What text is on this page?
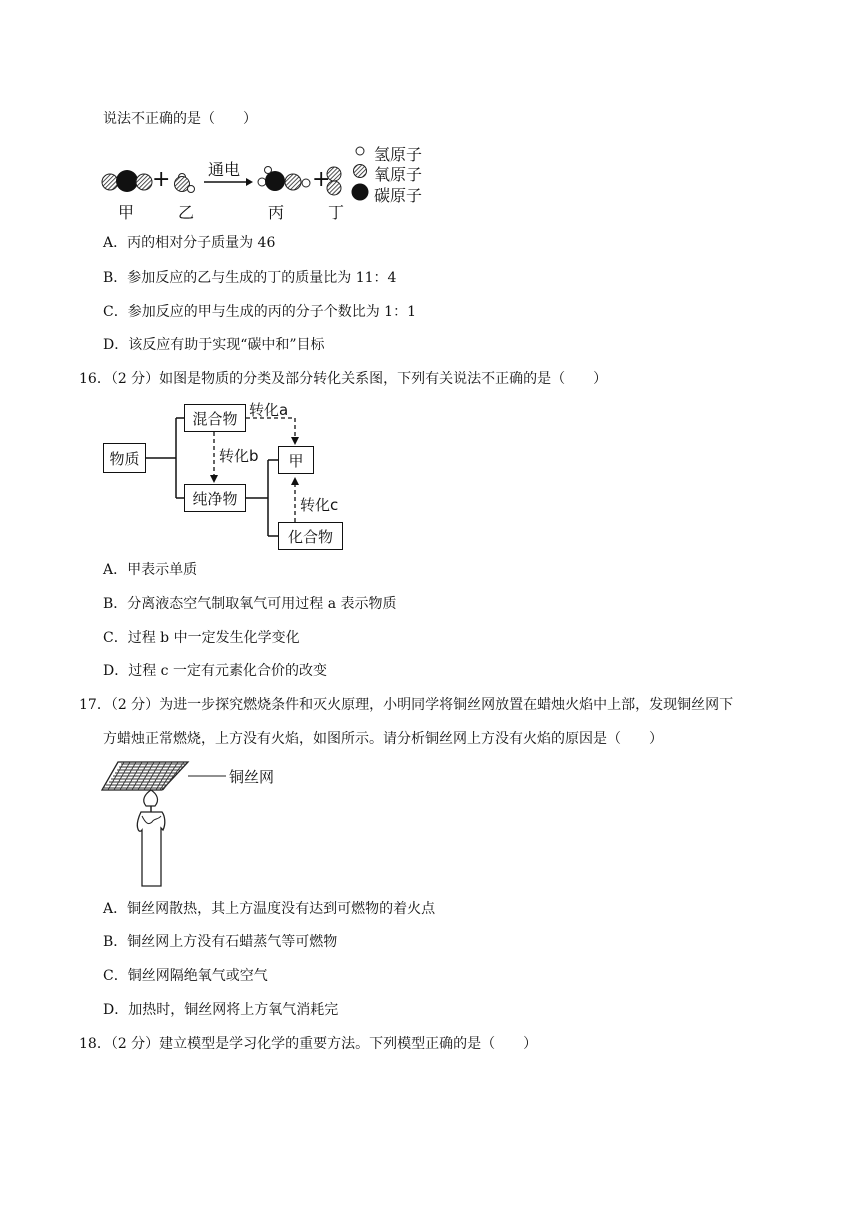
说法不正确的是（　　）
+	+
通电
甲	乙	丙	丁
氢原子
氧原子
碳原子
A．丙的相对分子质量为 46
B．参加反应的乙与生成的丁的质量比为 11：4
C．参加反应的甲与生成的丙的分子个数比为 1：1
D．该反应有助于实现“碳中和”目标
16．（2 分）如图是物质的分类及部分转化关系图，下列有关说法不正确的是（　　）
物质
混合物
纯净物
甲
化合物
转化a
转化b
转化c
A．甲表示单质
B．分离液态空气制取氧气可用过程 a 表示物质
C．过程 b 中一定发生化学变化
D．过程 c 一定有元素化合价的改变
17．（2 分）为进一步探究燃烧条件和灭火原理，小明同学将铜丝网放置在蜡烛火焰中上部，发现铜丝网下
方蜡烛正常燃烧，上方没有火焰，如图所示。请分析铜丝网上方没有火焰的原因是（　　）
铜丝网
A．铜丝网散热，其上方温度没有达到可燃物的着火点
B．铜丝网上方没有石蜡蒸气等可燃物
C．铜丝网隔绝氧气或空气
D．加热时，铜丝网将上方氧气消耗完
18．（2 分）建立模型是学习化学的重要方法。下列模型正确的是（　　）
